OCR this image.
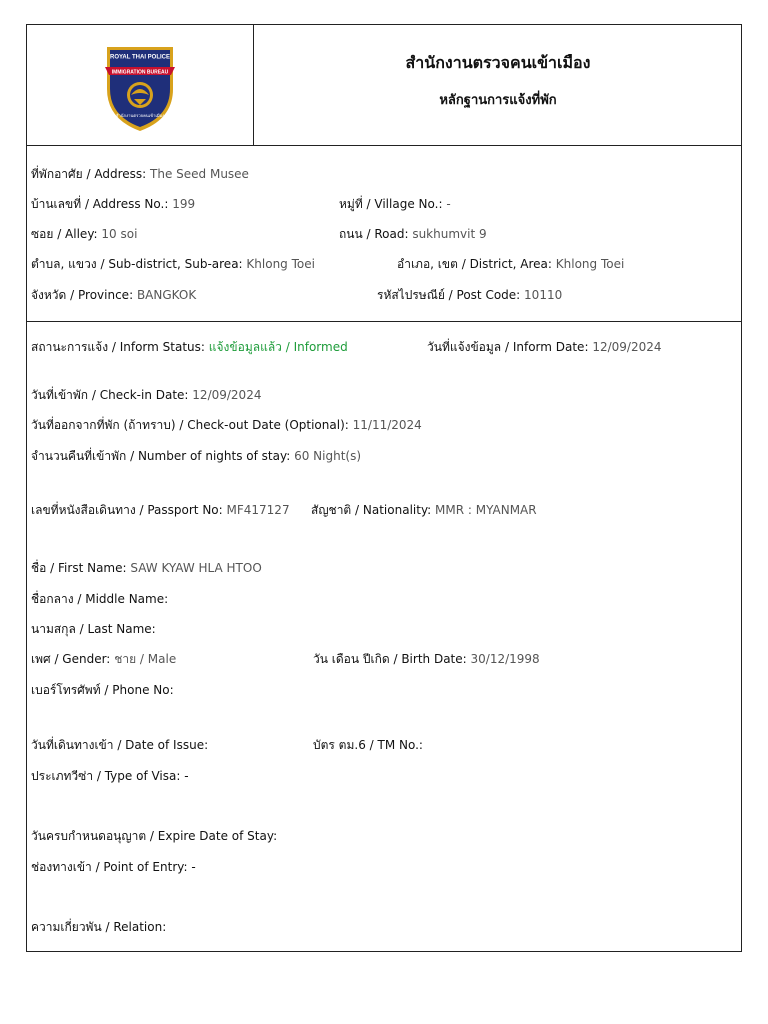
ROYAL THAI POLICE
IMMIGRATION BUREAU
สำนักงานตรวจคนเข้าเมือง
สำนักงานตรวจคนเข้าเมือง
หลักฐานการแจ้งที่พัก
ที่พักอาศัย / Address: The Seed Musee
บ้านเลขที่ / Address No.: 199	หมู่ที่ / Village No.: -
ซอย / Alley: 10 soi	ถนน / Road: sukhumvit 9
ตำบล, แขวง / Sub-district, Sub-area: Khlong Toei	อำเภอ, เขต / District, Area: Khlong Toei
จังหวัด / Province: BANGKOK	รหัสไปรษณีย์ / Post Code: 10110
สถานะการแจ้ง / Inform Status: แจ้งข้อมูลแล้ว / Informed	วันที่แจ้งข้อมูล / Inform Date: 12/09/2024
วันที่เข้าพัก / Check-in Date: 12/09/2024
วันที่ออกจากที่พัก (ถ้าทราบ) / Check-out Date (Optional): 11/11/2024
จำนวนคืนที่เข้าพัก / Number of nights of stay: 60 Night(s)
เลขที่หนังสือเดินทาง / Passport No: MF417127 สัญชาติ / Nationality: MMR : MYANMAR
ชื่อ / First Name: SAW KYAW HLA HTOO
ชื่อกลาง / Middle Name:
นามสกุล / Last Name:
เพศ / Gender: ชาย / Male	วัน เดือน ปีเกิด / Birth Date: 30/12/1998
เบอร์โทรศัพท์ / Phone No:
วันที่เดินทางเข้า / Date of Issue:	บัตร ตม.6 / TM No.:
ประเภทวีซ่า / Type of Visa: -
วันครบกำหนดอนุญาต / Expire Date of Stay:
ช่องทางเข้า / Point of Entry: -
ความเกี่ยวพัน / Relation:
